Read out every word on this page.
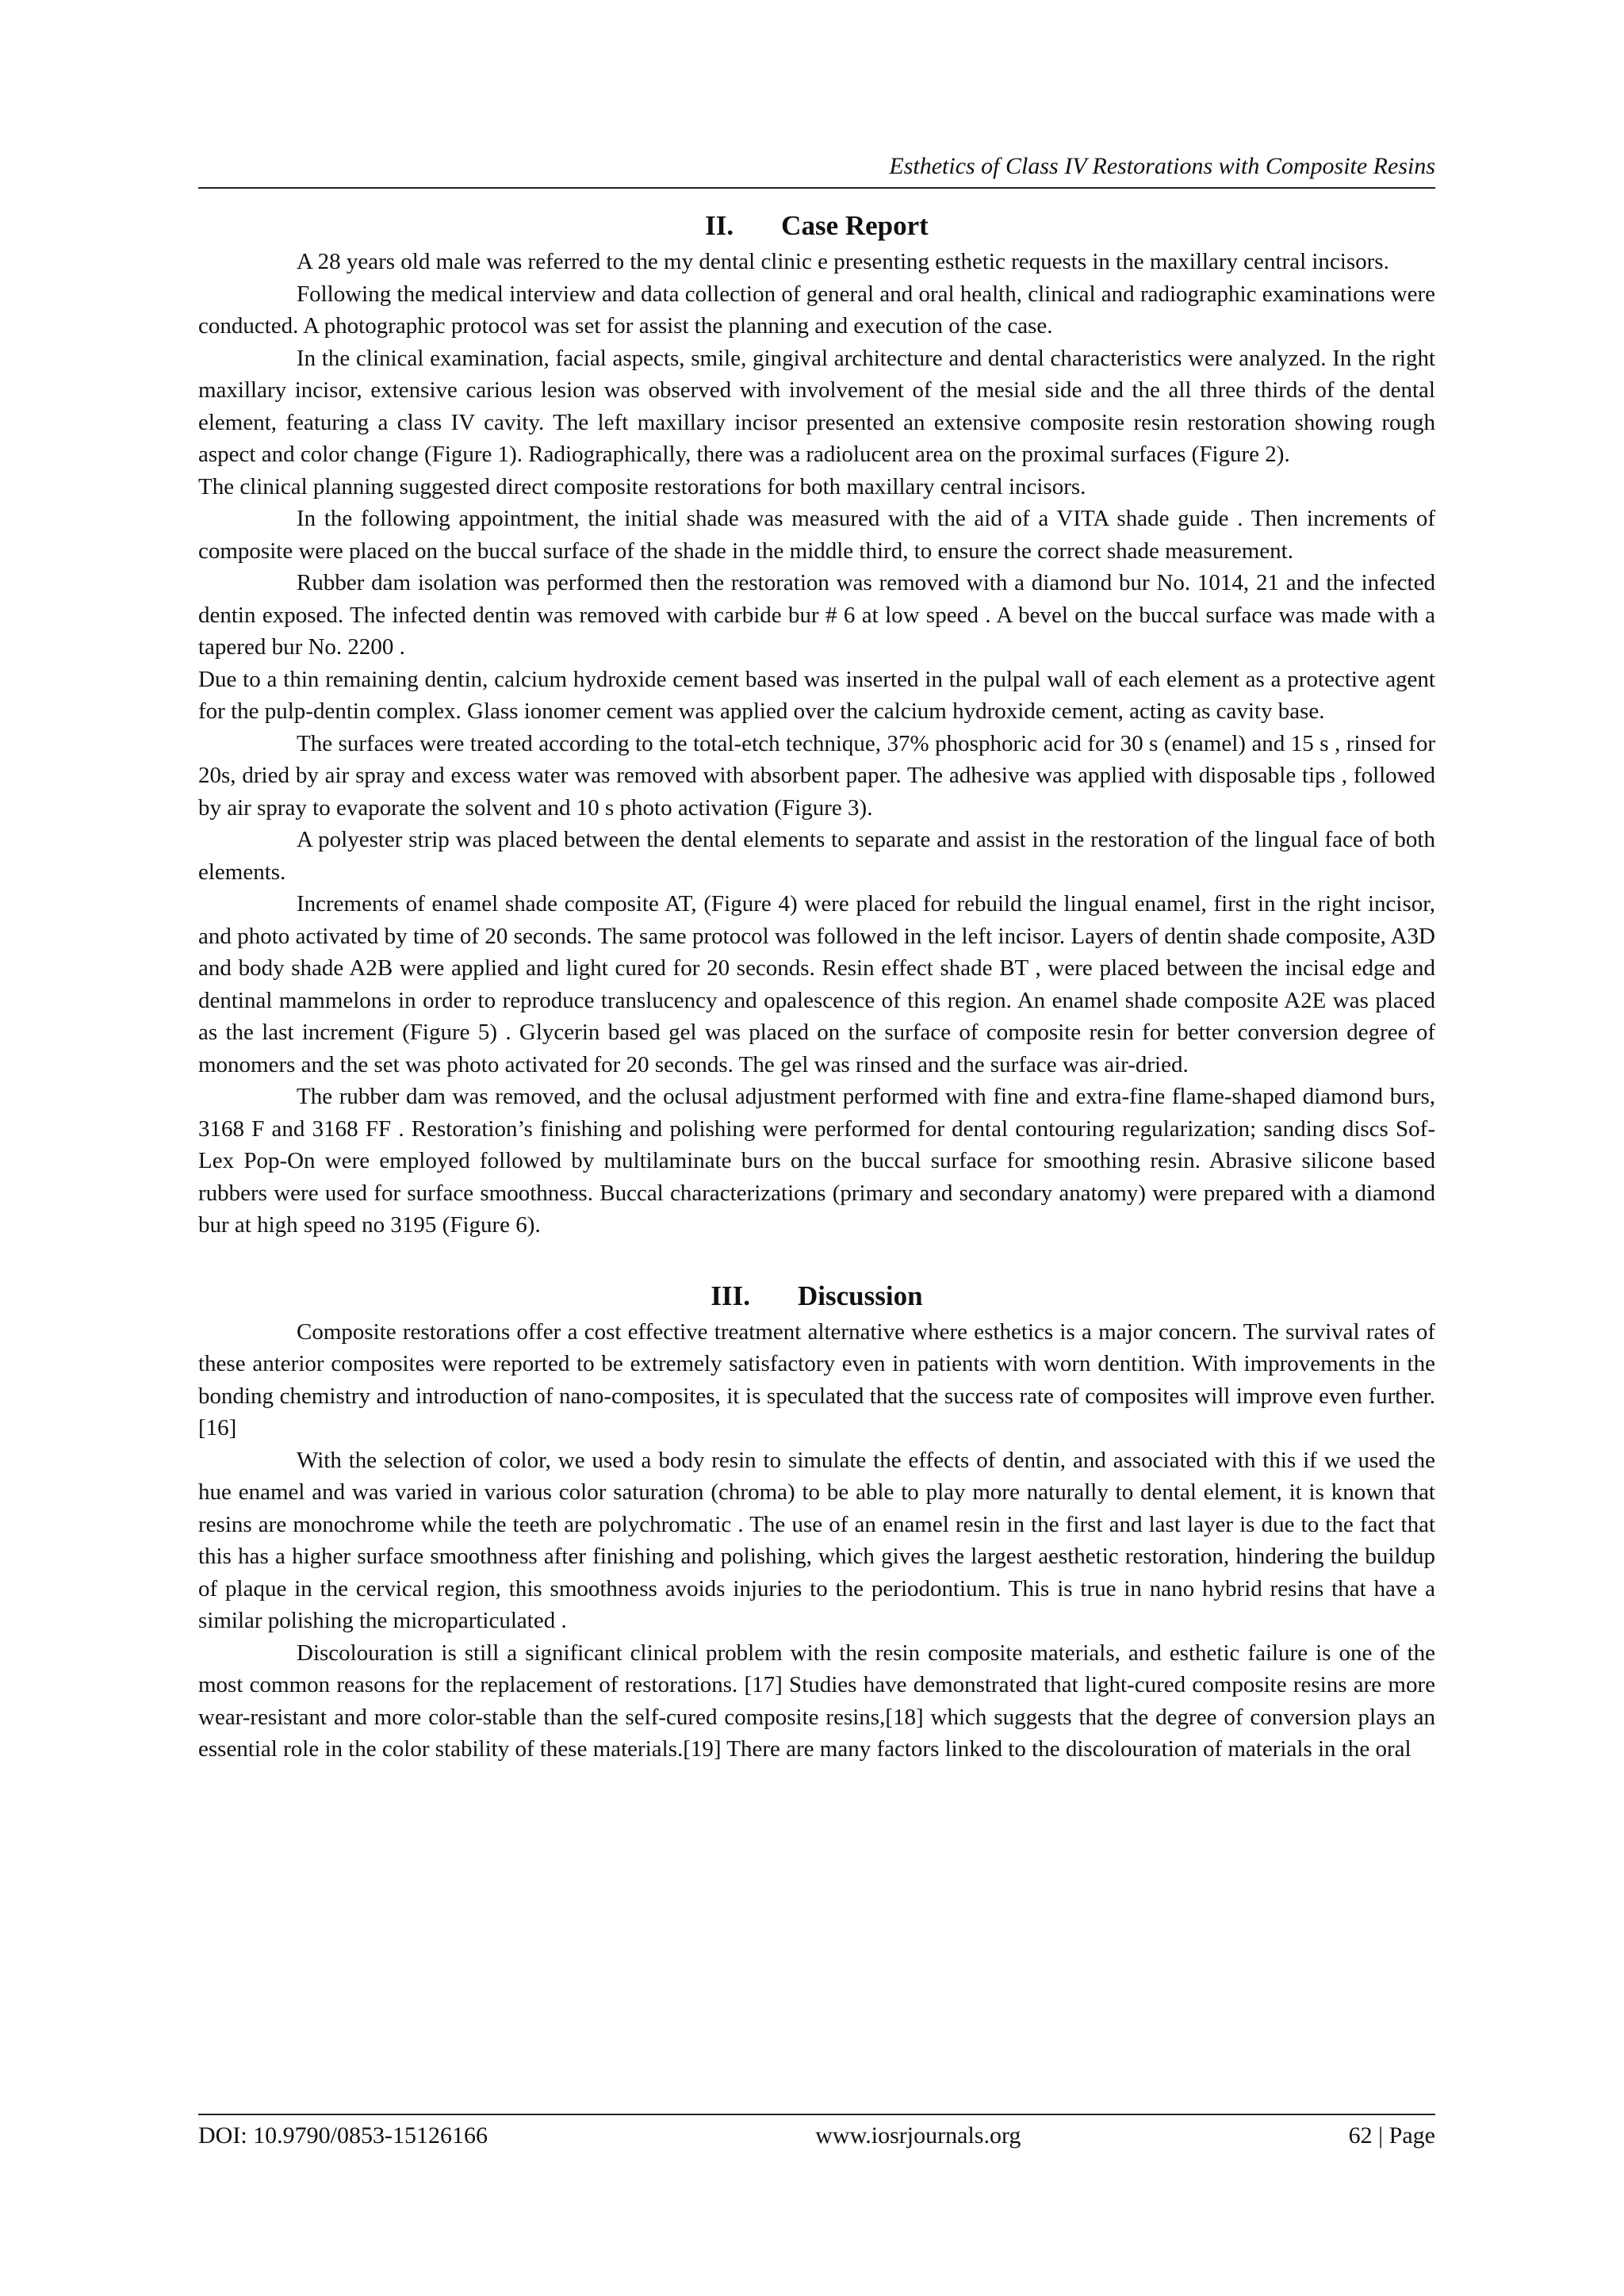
Esthetics of Class IV Restorations with Composite Resins
II. Case Report

A 28 years old male was referred to the my dental clinic e presenting esthetic requests in the maxillary central incisors.

Following the medical interview and data collection of general and oral health, clinical and radiographic examinations were conducted. A photographic protocol was set for assist the planning and execution of the case.

In the clinical examination, facial aspects, smile, gingival architecture and dental characteristics were analyzed. In the right maxillary incisor, extensive carious lesion was observed with involvement of the mesial side and the all three thirds of the dental element, featuring a class IV cavity. The left maxillary incisor presented an extensive composite resin restoration showing rough aspect and color change (Figure 1). Radiographically, there was a radiolucent area on the proximal surfaces (Figure 2).

The clinical planning suggested direct composite restorations for both maxillary central incisors.

In the following appointment, the initial shade was measured with the aid of a VITA shade guide . Then increments of composite were placed on the buccal surface of the shade in the middle third, to ensure the correct shade measurement.

Rubber dam isolation was performed then the restoration was removed with a diamond bur No. 1014, 21 and the infected dentin exposed. The infected dentin was removed with carbide bur # 6 at low speed . A bevel on the buccal surface was made with a tapered bur No. 2200 .

Due to a thin remaining dentin, calcium hydroxide cement based was inserted in the pulpal wall of each element as a protective agent for the pulp-dentin complex. Glass ionomer cement was applied over the calcium hydroxide cement, acting as cavity base.

The surfaces were treated according to the total-etch technique, 37% phosphoric acid for 30 s (enamel) and 15 s , rinsed for 20s, dried by air spray and excess water was removed with absorbent paper. The adhesive was applied with disposable tips , followed by air spray to evaporate the solvent and 10 s photo activation (Figure 3).

A polyester strip was placed between the dental elements to separate and assist in the restoration of the lingual face of both elements.

Increments of enamel shade composite AT, (Figure 4) were placed for rebuild the lingual enamel, first in the right incisor, and photo activated by time of 20 seconds. The same protocol was followed in the left incisor. Layers of dentin shade composite, A3D and body shade A2B were applied and light cured for 20 seconds. Resin effect shade BT , were placed between the incisal edge and dentinal mammelons in order to reproduce translucency and opalescence of this region. An enamel shade composite A2E was placed as the last increment (Figure 5) . Glycerin based gel was placed on the surface of composite resin for better conversion degree of monomers and the set was photo activated for 20 seconds. The gel was rinsed and the surface was air-dried.

The rubber dam was removed, and the oclusal adjustment performed with fine and extra-fine flame-shaped diamond burs, 3168 F and 3168 FF . Restoration’s finishing and polishing were performed for dental contouring regularization; sanding discs Sof-Lex Pop-On were employed followed by multilaminate burs on the buccal surface for smoothing resin. Abrasive silicone based rubbers were used for surface smoothness. Buccal characterizations (primary and secondary anatomy) were prepared with a diamond bur at high speed no 3195 (Figure 6).

III. Discussion

Composite restorations offer a cost effective treatment alternative where esthetics is a major concern. The survival rates of these anterior composites were reported to be extremely satisfactory even in patients with worn dentition. With improvements in the bonding chemistry and introduction of nano-composites, it is speculated that the success rate of composites will improve even further.[16]

With the selection of color, we used a body resin to simulate the effects of dentin, and associated with this if we used the hue enamel and was varied in various color saturation (chroma) to be able to play more naturally to dental element, it is known that resins are monochrome while the teeth are polychromatic . The use of an enamel resin in the first and last layer is due to the fact that this has a higher surface smoothness after finishing and polishing, which gives the largest aesthetic restoration, hindering the buildup of plaque in the cervical region, this smoothness avoids injuries to the periodontium. This is true in nano hybrid resins that have a similar polishing the microparticulated .

Discolouration is still a significant clinical problem with the resin composite materials, and esthetic failure is one of the most common reasons for the replacement of restorations. [17] Studies have demonstrated that light-cured composite resins are more wear-resistant and more color-stable than the self-cured composite resins,[18] which suggests that the degree of conversion plays an essential role in the color stability of these materials.[19] There are many factors linked to the discolouration of materials in the oral

DOI: 10.9790/0853-15126166	www.iosrjournals.org	62 | Page
